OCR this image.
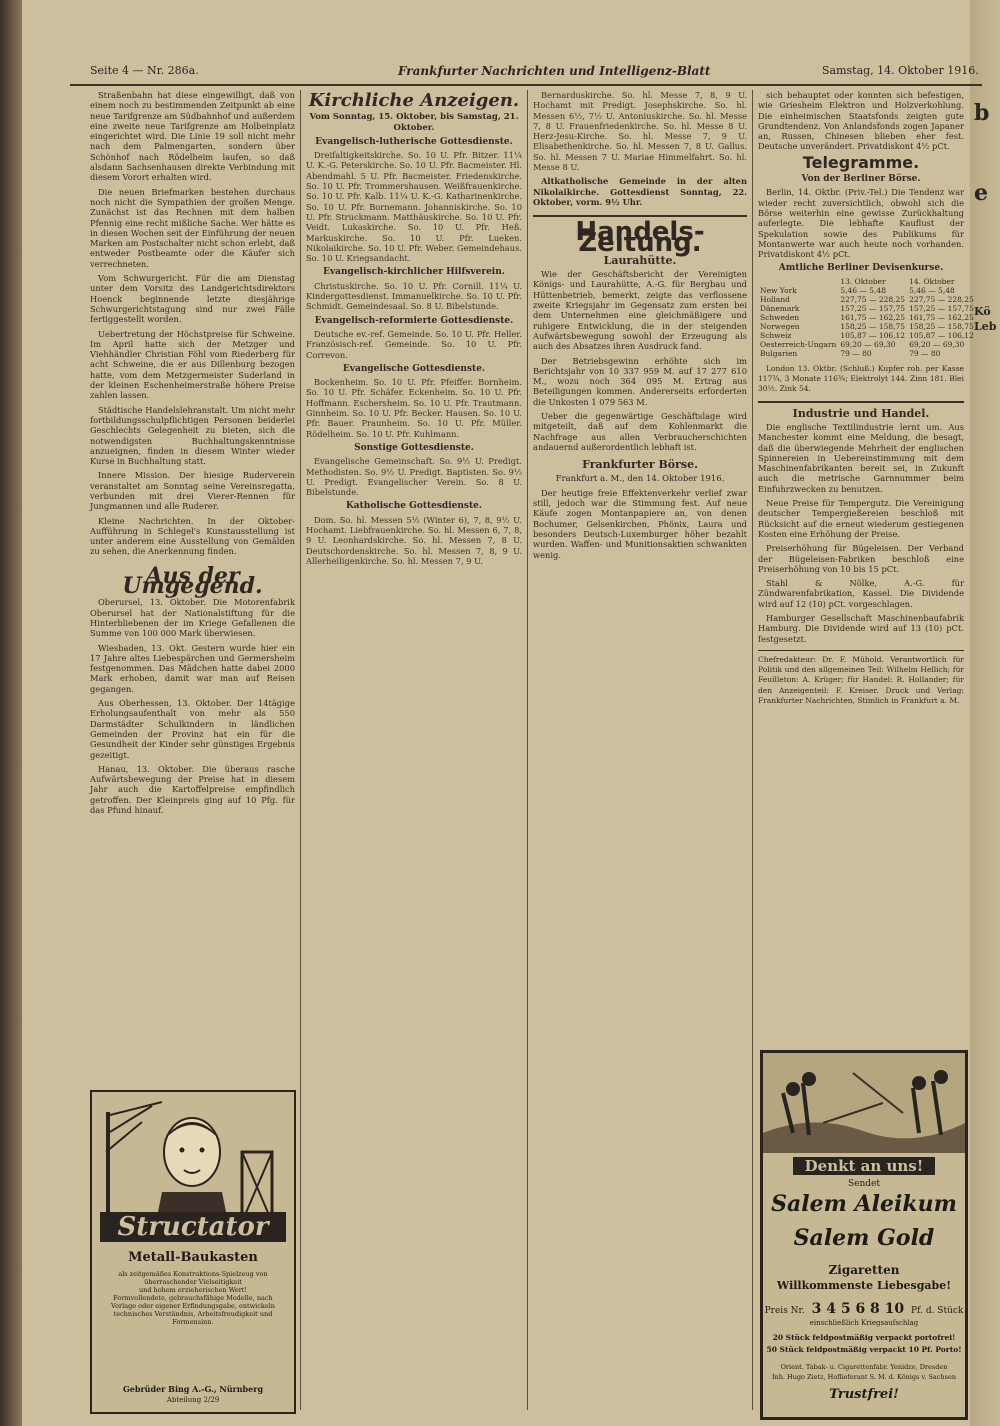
b
e
Kö
Leb
Seite 4 — Nr. 286a.	Frankfurter Nachrichten und Intelligenz-Blatt	Samstag, 14. Oktober 1916.

Straßenbahn hat diese eingewilligt, daß von einem noch zu bestimmenden Zeitpunkt ab eine neue Tarifgrenze am Südbahnhof und außerdem eine zweite neue Tarifgrenze am Holbeinplatz eingerichtet wird. Die Linie 19 soll nicht mehr nach dem Palmengarten, sondern über Schönhof nach Rödelheim laufen, so daß alsdann Sachsenhausen direkte Verbindung mit diesem Vorort erhalten wird.

Die neuen Briefmarken bestehen durchaus noch nicht die Sympathien der großen Menge. Zunächst ist das Rechnen mit dem halben Pfennig eine recht mißliche Sache. Wer hätte es in diesen Wochen seit der Einführung der neuen Marken am Postschalter nicht schon erlebt, daß entweder Postbeamte oder die Käufer sich verrechneten.

Vom Schwurgericht. Für die am Dienstag unter dem Vorsitz des Landgerichtsdirektors Hoenck beginnende letzte diesjährige Schwurgerichtstagung sind nur zwei Fälle fertiggestellt worden.

Uebertretung der Höchstpreise für Schweine. Im April hatte sich der Metzger und Viehhändler Christian Föhl vom Riederberg für acht Schweine, die er aus Dillenburg bezogen hatte, vom dem Metzgermeister Suderland in der kleinen Eschenheimerstraße höhere Preise zahlen lassen.

Städtische Handelslehranstalt. Um nicht mehr fortbildungsschulpflichtigen Personen beiderlei Geschlechts Gelegenheit zu bieten, sich die notwendigsten Buchhaltungskenntnisse anzueignen, finden in diesem Winter wieder Kurse in Buchhaltung statt.

Innere Mission. Der hiesige Ruderverein veranstaltet am Sonntag seine Vereinsregatta, verbunden mit drei Vierer-Rennen für Jungmannen und alle Ruderer.

Kleine Nachrichten. In der Oktober-Aufführung in Schlegel's Kunstausstellung ist unter anderem eine Ausstellung von Gemälden zu sehen, die Anerkennung finden.

Aus der Umgegend.

Oberursel, 13. Oktober. Die Motorenfabrik Oberursel hat der Nationalstiftung für die Hinterbliebenen der im Kriege Gefallenen die Summe von 100 000 Mark überwiesen.

Wiesbaden, 13. Okt. Gestern wurde hier ein 17 Jahre altes Liebespärchen und Germersheim festgenommen. Das Mädchen hatte dabei 2000 Mark erhoben, damit war man auf Reisen gegangen.

Aus Oberhessen, 13. Oktober. Der 14tägige Erholungsaufenthalt von mehr als 550 Darmstädter Schulkindern in ländlichen Gemeinden der Provinz hat ein für die Gesundheit der Kinder sehr günstiges Ergebnis gezeitigt.

Hanau, 13. Oktober. Die überaus rasche Aufwärtsbewegung der Preise hat in diesem Jahr auch die Kartoffelpreise empfindlich getroffen. Der Kleinpreis ging auf 10 Pfg. für das Pfund hinauf.

Structator
Metall-Baukasten
als zeitgemäßes Konstruktions-Spielzeug von überraschender Vielseitigkeit
und hohem erzieherischen Wert!
Formvollendete, gebrauchsfähige Modelle, nach Vorlage oder eigener Erfindungsgabe, entwickeln technisches Verständnis, Arbeitsfreudigkeit und Formensinn.
Gebrüder Bing A.-G., Nürnberg
Abteilung 2/29
Kirchliche Anzeigen.
Vom Sonntag, 15. Oktober, bis Samstag, 21. Oktober.
Evangelisch-lutherische Gottesdienste.

Dreifaltigkeitskirche. So. 10 U. Pfr. Bitzer. 11¼ U. K.-G. Peterskirche. So. 10 U. Pfr. Bacmeister. Hl. Abendmahl. 5 U. Pfr. Bacmeister. Friedenskirche. So. 10 U. Pfr. Trommershausen. Weißfrauenkirche. So. 10 U. Pfr. Kalb. 11¼ U. K.-G. Katharinenkirche. So. 10 U. Pfr. Bornemann. Johanniskirche. So. 10 U. Pfr. Struckmann. Matthäuskirche. So. 10 U. Pfr. Veidt. Lukaskirche. So. 10 U. Pfr. Heß. Markuskirche. So. 10 U. Pfr. Lueken. Nikolaikirche. So. 10 U. Pfr. Weber. Gemeindehaus. So. 10 U. Kriegsandacht.

Evangelisch-kirchlicher Hilfsverein.

Christuskirche. So. 10 U. Pfr. Cornill. 11¼ U. Kindergottesdienst. Immanuelkirche. So. 10 U. Pfr. Schmidt. Gemeindesaal. So. 8 U. Bibelstunde.

Evangelisch-reformierte Gottesdienste.

Deutsche ev.-ref. Gemeinde. So. 10 U. Pfr. Heller. Französisch-ref. Gemeinde. So. 10 U. Pfr. Correvon.

Evangelische Gottesdienste.

Bockenheim. So. 10 U. Pfr. Pfeiffer. Bornheim. So. 10 U. Pfr. Schäfer. Eckenheim. So. 10 U. Pfr. Hoffmann. Eschersheim. So. 10 U. Pfr. Trautmann. Ginnheim. So. 10 U. Pfr. Becker. Hausen. So. 10 U. Pfr. Bauer. Praunheim. So. 10 U. Pfr. Müller. Rödelheim. So. 10 U. Pfr. Kuhlmann.

Sonstige Gottesdienste.

Evangelische Gemeinschaft. So. 9½ U. Predigt. Methodisten. So. 9½ U. Predigt. Baptisten. So. 9½ U. Predigt. Evangelischer Verein. So. 8 U. Bibelstunde.

Katholische Gottesdienste.

Dom. So. hl. Messen 5½ (Winter 6), 7, 8, 9½ U. Hochamt. Liebfrauenkirche. So. hl. Messen 6, 7, 8, 9 U. Leonhardskirche. So. hl. Messen 7, 8 U. Deutschordenskirche. So. hl. Messen 7, 8, 9 U. Allerheiligenkirche. So. hl. Messen 7, 9 U.

Bernarduskirche. So. hl. Messe 7, 8, 9 U. Hochamt mit Predigt. Josephskirche. So. hl. Messen 6½, 7½ U. Antoniuskirche. So. hl. Messe 7, 8 U. Frauenfriedenkirche. So. hl. Messe 8 U. Herz-Jesu-Kirche. So. hl. Messe 7, 9 U. Elisabethenkirche. So. hl. Messen 7, 8 U. Gallus. So. hl. Messen 7 U. Mariae Himmelfahrt. So. hl. Messe 8 U.

Altkatholische Gemeinde in der alten Nikolaikirche. Gottesdienst Sonntag, 22. Oktober, vorm. 9½ Uhr.

Handels-Zeitung.
Laurahütte.

Wie der Geschäftsbericht der Vereinigten Königs- und Laurahütte, A.-G. für Bergbau und Hüttenbetrieb, bemerkt, zeigte das verflossene zweite Kriegsjahr im Gegensatz zum ersten bei dem Unternehmen eine gleichmäßigere und ruhigere Entwicklung, die in der steigenden Aufwärtsbewegung sowohl der Erzeugung als auch des Absatzes ihren Ausdruck fand.

Der Betriebsgewinn erhöhte sich im Berichtsjahr von 10 337 959 M. auf 17 277 610 M., wozu noch 364 095 M. Ertrag aus Beteiligungen kommen. Andererseits erforderten die Unkosten 1 079 563 M.

Ueber die gegenwärtige Geschäftslage wird mitgeteilt, daß auf dem Kohlenmarkt die Nachfrage aus allen Verbraucherschichten andauernd außerordentlich lebhaft ist.

Frankfurter Börse.
Frankfurt a. M., den 14. Oktober 1916.

Der heutige freie Effektenverkehr verlief zwar still, jedoch war die Stimmung fest. Auf neue Käufe zogen Montanpapiere an, von denen Bochumer, Gelsenkirchen, Phönix, Laura und besonders Deutsch-Luxemburger höher bezahlt wurden. Waffen- und Munitionsaktien schwankten wenig.

sich behauptet oder konnten sich befestigen, wie Griesheim Elektron und Holzverkohlung. Die einheimischen Staatsfonds zeigten gute Grundtendenz. Von Anlandsfonds zogen Japaner an, Russen, Chinesen blieben eher fest. Deutsche unverändert. Privatdiskont 4½ pCt.

Telegramme.
Von der Berliner Börse.

Berlin, 14. Oktbr. (Priv.-Tel.) Die Tendenz war wieder recht zuversichtlich, obwohl sich die Börse weiterhin eine gewisse Zurückhaltung auferlegte. Die lebhafte Kauflust der Spekulation sowie des Publikums für Montanwerte war auch heute noch vorhanden. Privatdiskont 4½ pCt.

Amtliche Berliner Devisenkurse.
	13. Oktober	14. Oktober
New York	5,46 — 5,48	5,46 — 5,48
Holland	227,75 — 228,25	227,75 — 228,25
Dänemark	157,25 — 157,75	157,25 — 157,75
Schweden	161,75 — 162,25	161,75 — 162,25
Norwegen	158,25 — 158,75	158,25 — 158,75
Schweiz	105,87 — 106,12	105,87 — 106,12
Oesterreich-Ungarn	69,20 — 69,30	69,20 — 69,30
Bulgarien	79 — 80	79 — 80

London 13. Oktbr. (Schluß.) Kupfer roh. per Kasse 117¾, 3 Monate 116¾; Elektrolyt 144. Zinn 181. Blei 30½. Zink 54.

Industrie und Handel.

Die englische Textilindustrie lernt um. Aus Manchester kommt eine Meldung, die besagt, daß die überwiegende Mehrheit der englischen Spinnereien in Uebereinstimmung mit dem Maschinenfabrikanten bereit sei, in Zukunft auch die metrische Garnnummer beim Einfuhrzwecken zu benutzen.

Neue Preise für Tempergutz. Die Vereinigung deutscher Tempergießereien beschloß mit Rücksicht auf die erneut wiederum gestiegenen Kosten eine Erhöhung der Preise.

Preiserhöhung für Bügeleisen. Der Verband der Bügeleisen-Fabriken beschloß eine Preiserhöhung von 10 bis 15 pCt.

Stahl & Nölke, A.-G. für Zündwarenfabrikation, Kassel. Die Dividende wird auf 12 (10) pCt. vorgeschlagen.

Hamburger Gesellschaft Maschinenbaufabrik Hamburg. Die Dividende wird auf 13 (10) pCt. festgesetzt.

Chefredakteur: Dr. F. Mühold. Verantwortlich für Politik und den allgemeinen Teil: Wilhelm Hellich; für Feuilleton: A. Krüger; für Handel: R. Hollander; für den Anzeigenteil: F. Kreiser. Druck und Verlag: Frankfurter Nachrichten, Stimlich in Frankfurt a. M.

Denkt an uns!
Sendet
Salem Aleikum
Salem Gold
Zigaretten
Willkommenste Liebesgabe!
Preis Nr. 3 4 5 6 8 10 Pf. d. Stück
einschließlich Kriegsaufschlag
20 Stück feldpostmäßig verpackt portofrei!
50 Stück feldpostmäßig verpackt 10 Pf. Porto!
Orient. Tabak- u. Cigarettenfabr. Yenidze, Dresden
Inh. Hugo Zietz, Hoflieferant S. M. d. Königs v. Sachsen
Trustfrei!
